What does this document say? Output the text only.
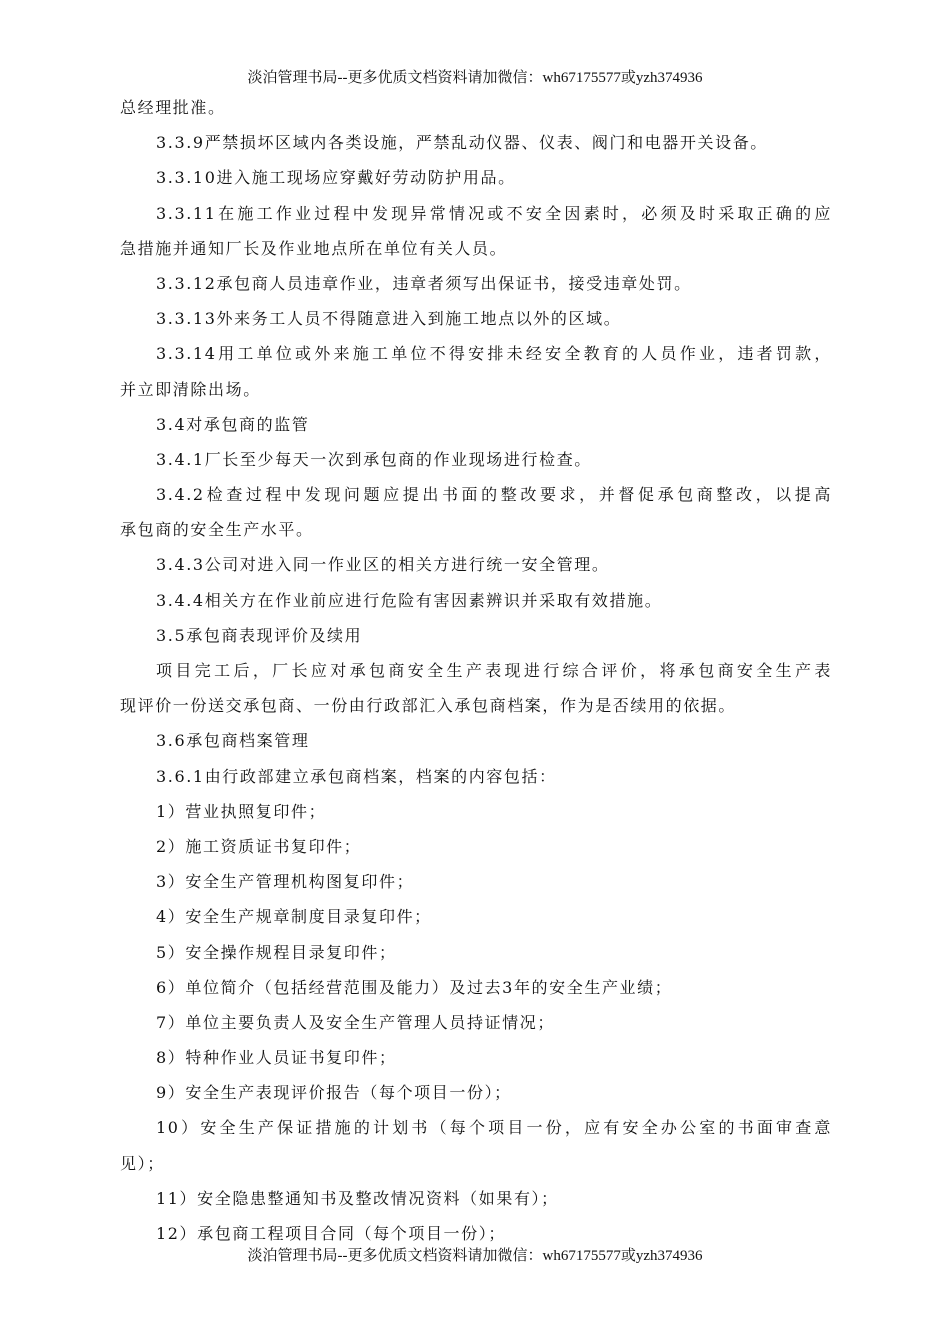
淡泊管理书局--更多优质文档资料请加微信：wh67175577或yzh374936
总经理批准。
3.3.9严禁损坏区域内各类设施，严禁乱动仪器、仪表、阀门和电器开关设备。
3.3.10进入施工现场应穿戴好劳动防护用品。
3.3.11在施工作业过程中发现异常情况或不安全因素时，必须及时采取正确的应
急措施并通知厂长及作业地点所在单位有关人员。
3.3.12承包商人员违章作业，违章者须写出保证书，接受违章处罚。
3.3.13外来务工人员不得随意进入到施工地点以外的区域。
3.3.14用工单位或外来施工单位不得安排未经安全教育的人员作业，违者罚款，
并立即清除出场。
3.4对承包商的监管
3.4.1厂长至少每天一次到承包商的作业现场进行检查。
3.4.2检查过程中发现问题应提出书面的整改要求，并督促承包商整改，以提高
承包商的安全生产水平。
3.4.3公司对进入同一作业区的相关方进行统一安全管理。
3.4.4相关方在作业前应进行危险有害因素辨识并采取有效措施。
3.5承包商表现评价及续用
项目完工后，厂长应对承包商安全生产表现进行综合评价，将承包商安全生产表
现评价一份送交承包商、一份由行政部汇入承包商档案，作为是否续用的依据。
3.6承包商档案管理
3.6.1由行政部建立承包商档案，档案的内容包括：
1）营业执照复印件；
2）施工资质证书复印件；
3）安全生产管理机构图复印件；
4）安全生产规章制度目录复印件；
5）安全操作规程目录复印件；
6）单位简介（包括经营范围及能力）及过去3年的安全生产业绩；
7）单位主要负责人及安全生产管理人员持证情况；
8）特种作业人员证书复印件；
9）安全生产表现评价报告（每个项目一份）；
10）安全生产保证措施的计划书（每个项目一份，应有安全办公室的书面审查意
见）；
11）安全隐患整通知书及整改情况资料（如果有）；
12）承包商工程项目合同（每个项目一份）；
淡泊管理书局--更多优质文档资料请加微信：wh67175577或yzh374936
